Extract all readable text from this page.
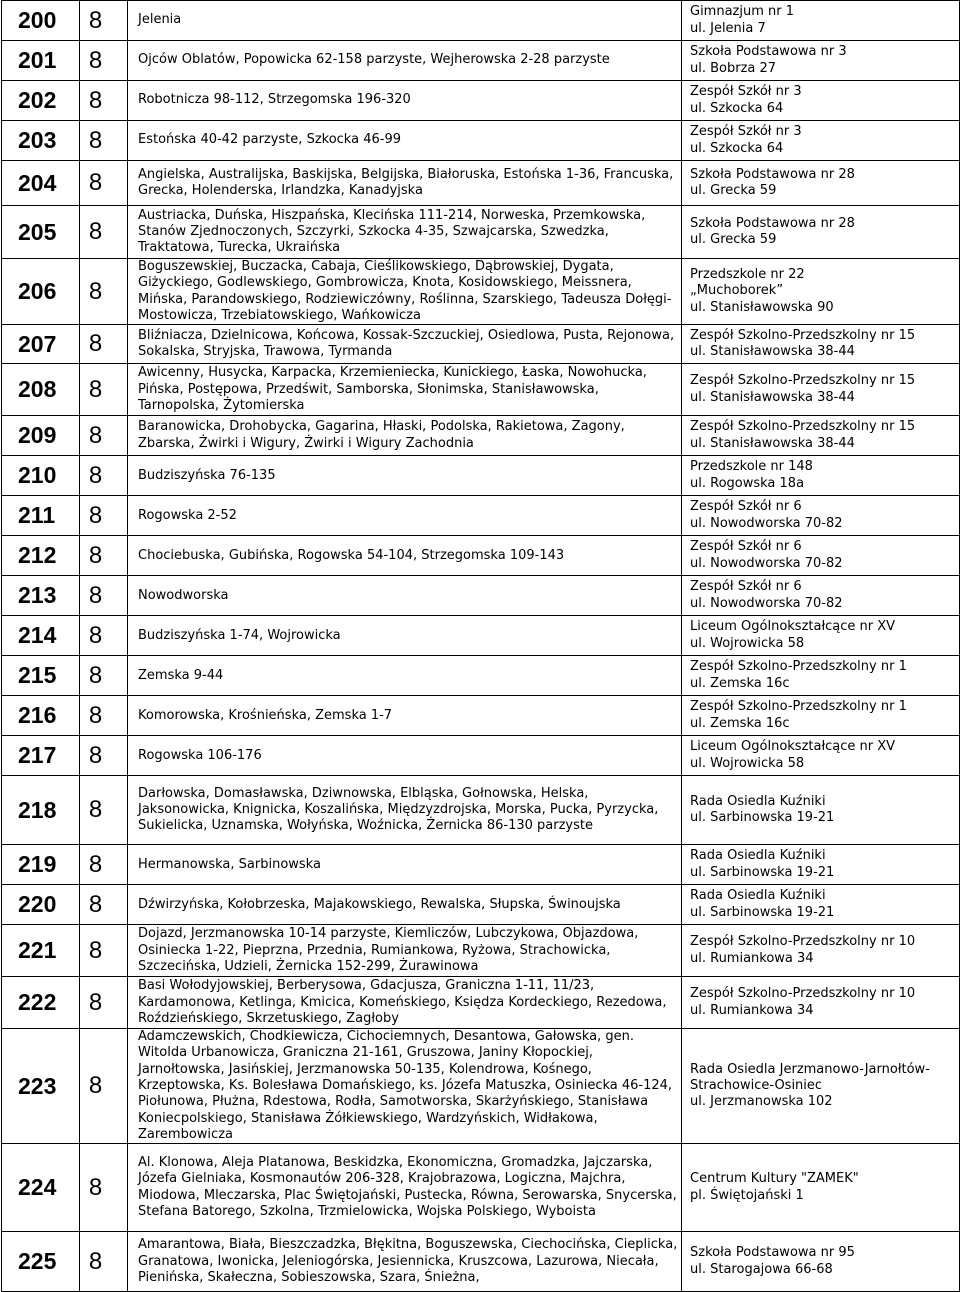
200	8	Jelenia	Gimnazjum nr 1
ul. Jelenia 7

201	8	Ojców Oblatów, Popowicka 62-158 parzyste, Wejherowska 2-28 parzyste	Szkoła Podstawowa nr 3
ul. Bobrza 27

202	8	Robotnicza 98-112, Strzegomska 196-320	Zespół Szkół nr 3
ul. Szkocka 64

203	8	Estońska 40-42 parzyste, Szkocka 46-99	Zespół Szkół nr 3
ul. Szkocka 64

204	8	Angielska, Australijska, Baskijska, Belgijska, Białoruska, Estońska 1-36, Francuska, Grecka, Holenderska, Irlandzka, Kanadyjska	Szkoła Podstawowa nr 28
ul. Grecka 59

205	8	Austriacka, Duńska, Hiszpańska, Klecińska 111-214, Norweska, Przemkowska, Stanów Zjednoczonych, Szczyrki, Szkocka 4-35, Szwajcarska, Szwedzka, Traktatowa, Turecka, Ukraińska	Szkoła Podstawowa nr 28
ul. Grecka 59

206	8	Boguszewskiej, Buczacka, Cabaja, Cieślikowskiego, Dąbrowskiej, Dygata, Giżyckiego, Godlewskiego, Gombrowicza, Knota, Kosidowskiego, Meissnera, Mińska, Parandowskiego, Rodziewiczówny, Roślinna, Szarskiego, Tadeusza Dołęgi-Mostowicza, Trzebiatowskiego, Wańkowicza	Przedszkole nr 22 „Muchoborek”
ul. Stanisławowska 90

207	8	Bliźniacza, Dzielnicowa, Końcowa, Kossak-Szczuckiej, Osiedlowa, Pusta, Rejonowa, Sokalska, Stryjska, Trawowa, Tyrmanda	Zespół Szkolno-Przedszkolny nr 15
ul. Stanisławowska 38-44

208	8	Awicenny, Husycka, Karpacka, Krzemieniecka, Kunickiego, Łaska, Nowohucka, Pińska, Postępowa, Przedświt, Samborska, Słonimska, Stanisławowska, Tarnopolska, Żytomierska	Zespół Szkolno-Przedszkolny nr 15
ul. Stanisławowska 38-44

209	8	Baranowicka, Drohobycka, Gagarina, Hłaski, Podolska, Rakietowa, Zagony, Zbarska, Żwirki i Wigury, Żwirki i Wigury Zachodnia	Zespół Szkolno-Przedszkolny nr 15
ul. Stanisławowska 38-44

210	8	Budziszyńska 76-135	Przedszkole nr 148
ul. Rogowska 18a

211	8	Rogowska 2-52	Zespół Szkół nr 6
ul. Nowodworska 70-82

212	8	Chociebuska, Gubińska, Rogowska 54-104, Strzegomska 109-143	Zespół Szkół nr 6
ul. Nowodworska 70-82

213	8	Nowodworska	Zespół Szkół nr 6
ul. Nowodworska 70-82

214	8	Budziszyńska 1-74, Wojrowicka	Liceum Ogólnokształcące nr XV
ul. Wojrowicka 58

215	8	Zemska 9-44	Zespół Szkolno-Przedszkolny nr 1
ul. Zemska 16c

216	8	Komorowska, Krośnieńska, Zemska 1-7	Zespół Szkolno-Przedszkolny nr 1
ul. Zemska 16c

217	8	Rogowska 106-176	Liceum Ogólnokształcące nr XV
ul. Wojrowicka 58

218	8	Darłowska, Domasławska, Dziwnowska, Elbląska, Gołnowska, Helska, Jaksonowicka, Knignicka, Koszalińska, Międzyzdrojska, Morska, Pucka, Pyrzycka, Sukielicka, Uznamska, Wołyńska, Woźnicka, Żernicka 86-130 parzyste	Rada Osiedla Kuźniki
ul. Sarbinowska 19-21

219	8	Hermanowska, Sarbinowska	Rada Osiedla Kuźniki
ul. Sarbinowska 19-21

220	8	Dźwirzyńska, Kołobrzeska, Majakowskiego, Rewalska, Słupska, Świnoujska	Rada Osiedla Kuźniki
ul. Sarbinowska 19-21

221	8	Dojazd, Jerzmanowska 10-14 parzyste, Kiemliczów, Lubczykowa, Objazdowa, Osiniecka 1-22, Pieprzna, Przednia, Rumiankowa, Ryżowa, Strachowicka, Szczecińska, Udzieli, Żernicka 152-299, Żurawinowa	Zespół Szkolno-Przedszkolny nr 10
ul. Rumiankowa 34

222	8	Basi Wołodyjowskiej, Berberysowa, Gdacjusza, Graniczna 1-11, 11/23, Kardamonowa, Ketlinga, Kmicica, Komeńskiego, Księdza Kordeckiego, Rezedowa, Roździeńskiego, Skrzetuskiego, Zagłoby	Zespół Szkolno-Przedszkolny nr 10
ul. Rumiankowa 34

223	8	Adamczewskich, Chodkiewicza, Cichociemnych, Desantowa, Gałowska, gen. Witolda Urbanowicza, Graniczna 21-161, Gruszowa, Janiny Kłopockiej, Jarnołtowska, Jasińskiej, Jerzmanowska 50-135, Kolendrowa, Kośnego, Krzeptowska, Ks. Bolesława Domańskiego, ks. Józefa Matuszka, Osiniecka 46-124, Piołunowa, Płużna, Rdestowa, Rodła, Samotworska, Skarżyńskiego, Stanisława Koniecpolskiego, Stanisława Żółkiewskiego, Wardzyńskich, Widłakowa, Zarembowicza	Rada Osiedla Jerzmanowo-Jarnołtów-Strachowice-Osiniec
ul. Jerzmanowska 102

224	8	Al. Klonowa, Aleja Platanowa, Beskidzka, Ekonomiczna, Gromadzka, Jajczarska, Józefa Gielniaka, Kosmonautów 206-328, Krajobrazowa, Logiczna, Majchra, Miodowa, Mleczarska, Plac Świętojański, Pustecka, Równa, Serowarska, Snycerska, Stefana Batorego, Szkolna, Trzmielowicka, Wojska Polskiego, Wyboista	Centrum Kultury "ZAMEK"
pl. Świętojański 1

225	8	Amarantowa, Biała, Bieszczadzka, Błękitna, Boguszewska, Ciechocińska, Cieplicka, Granatowa, Iwonicka, Jeleniogórska, Jesiennicka, Kruszcowa, Lazurowa, Niecała, Pienińska, Skałeczna, Sobieszowska, Szara, Śnieżna,	Szkoła Podstawowa nr 95
ul. Starogajowa 66-68
